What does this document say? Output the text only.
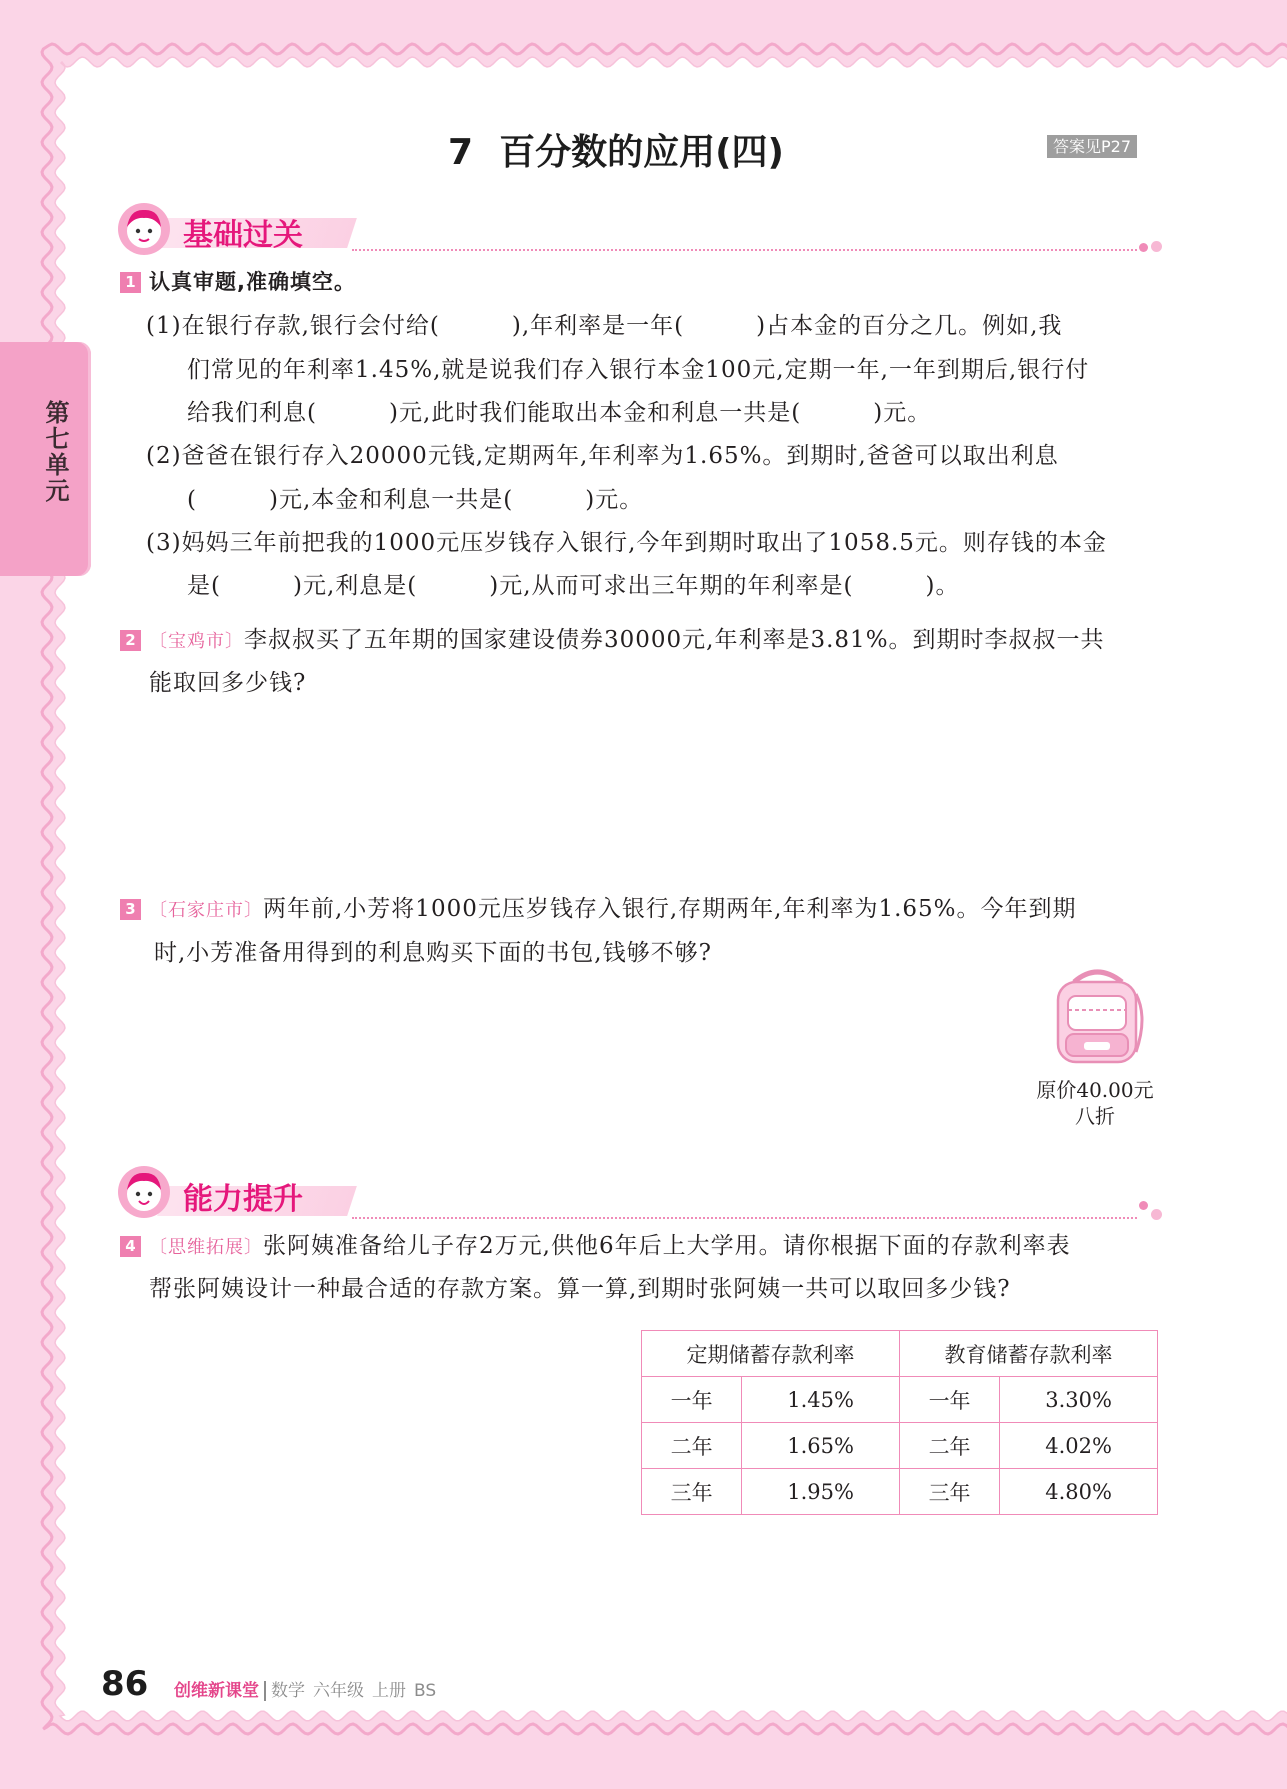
第七单元
7 百分数的应用(四)	答案见P27
基础过关
1 认真审题,准确填空。
(1)在银行存款,银行会付给(　　　),年利率是一年(　　　)占本金的百分之几。例如,我
们常见的年利率1.45%,就是说我们存入银行本金100元,定期一年,一年到期后,银行付
给我们利息(　　　)元,此时我们能取出本金和利息一共是(　　　)元。
(2)爸爸在银行存入20000元钱,定期两年,年利率为1.65%。到期时,爸爸可以取出利息
(　　　)元,本金和利息一共是(　　　)元。
(3)妈妈三年前把我的1000元压岁钱存入银行,今年到期时取出了1058.5元。则存钱的本金
是(　　　)元,利息是(　　　)元,从而可求出三年期的年利率是(　　　)。
2 〔宝鸡市〕李叔叔买了五年期的国家建设债券30000元,年利率是3.81%。到期时李叔叔一共
能取回多少钱?
3 〔石家庄市〕两年前,小芳将1000元压岁钱存入银行,存期两年,年利率为1.65%。今年到期
时,小芳准备用得到的利息购买下面的书包,钱够不够?
原价40.00元
八折
能力提升
4 〔思维拓展〕张阿姨准备给儿子存2万元,供他6年后上大学用。请你根据下面的存款利率表
帮张阿姨设计一种最合适的存款方案。算一算,到期时张阿姨一共可以取回多少钱?
定期储蓄存款利率		教育储蓄存款利率	
一年	1.45%	一年	3.30%
二年	1.65%	二年	4.02%
三年	1.95%	三年	4.80%
86 创维新课堂 数学 六年级 上册 BS
